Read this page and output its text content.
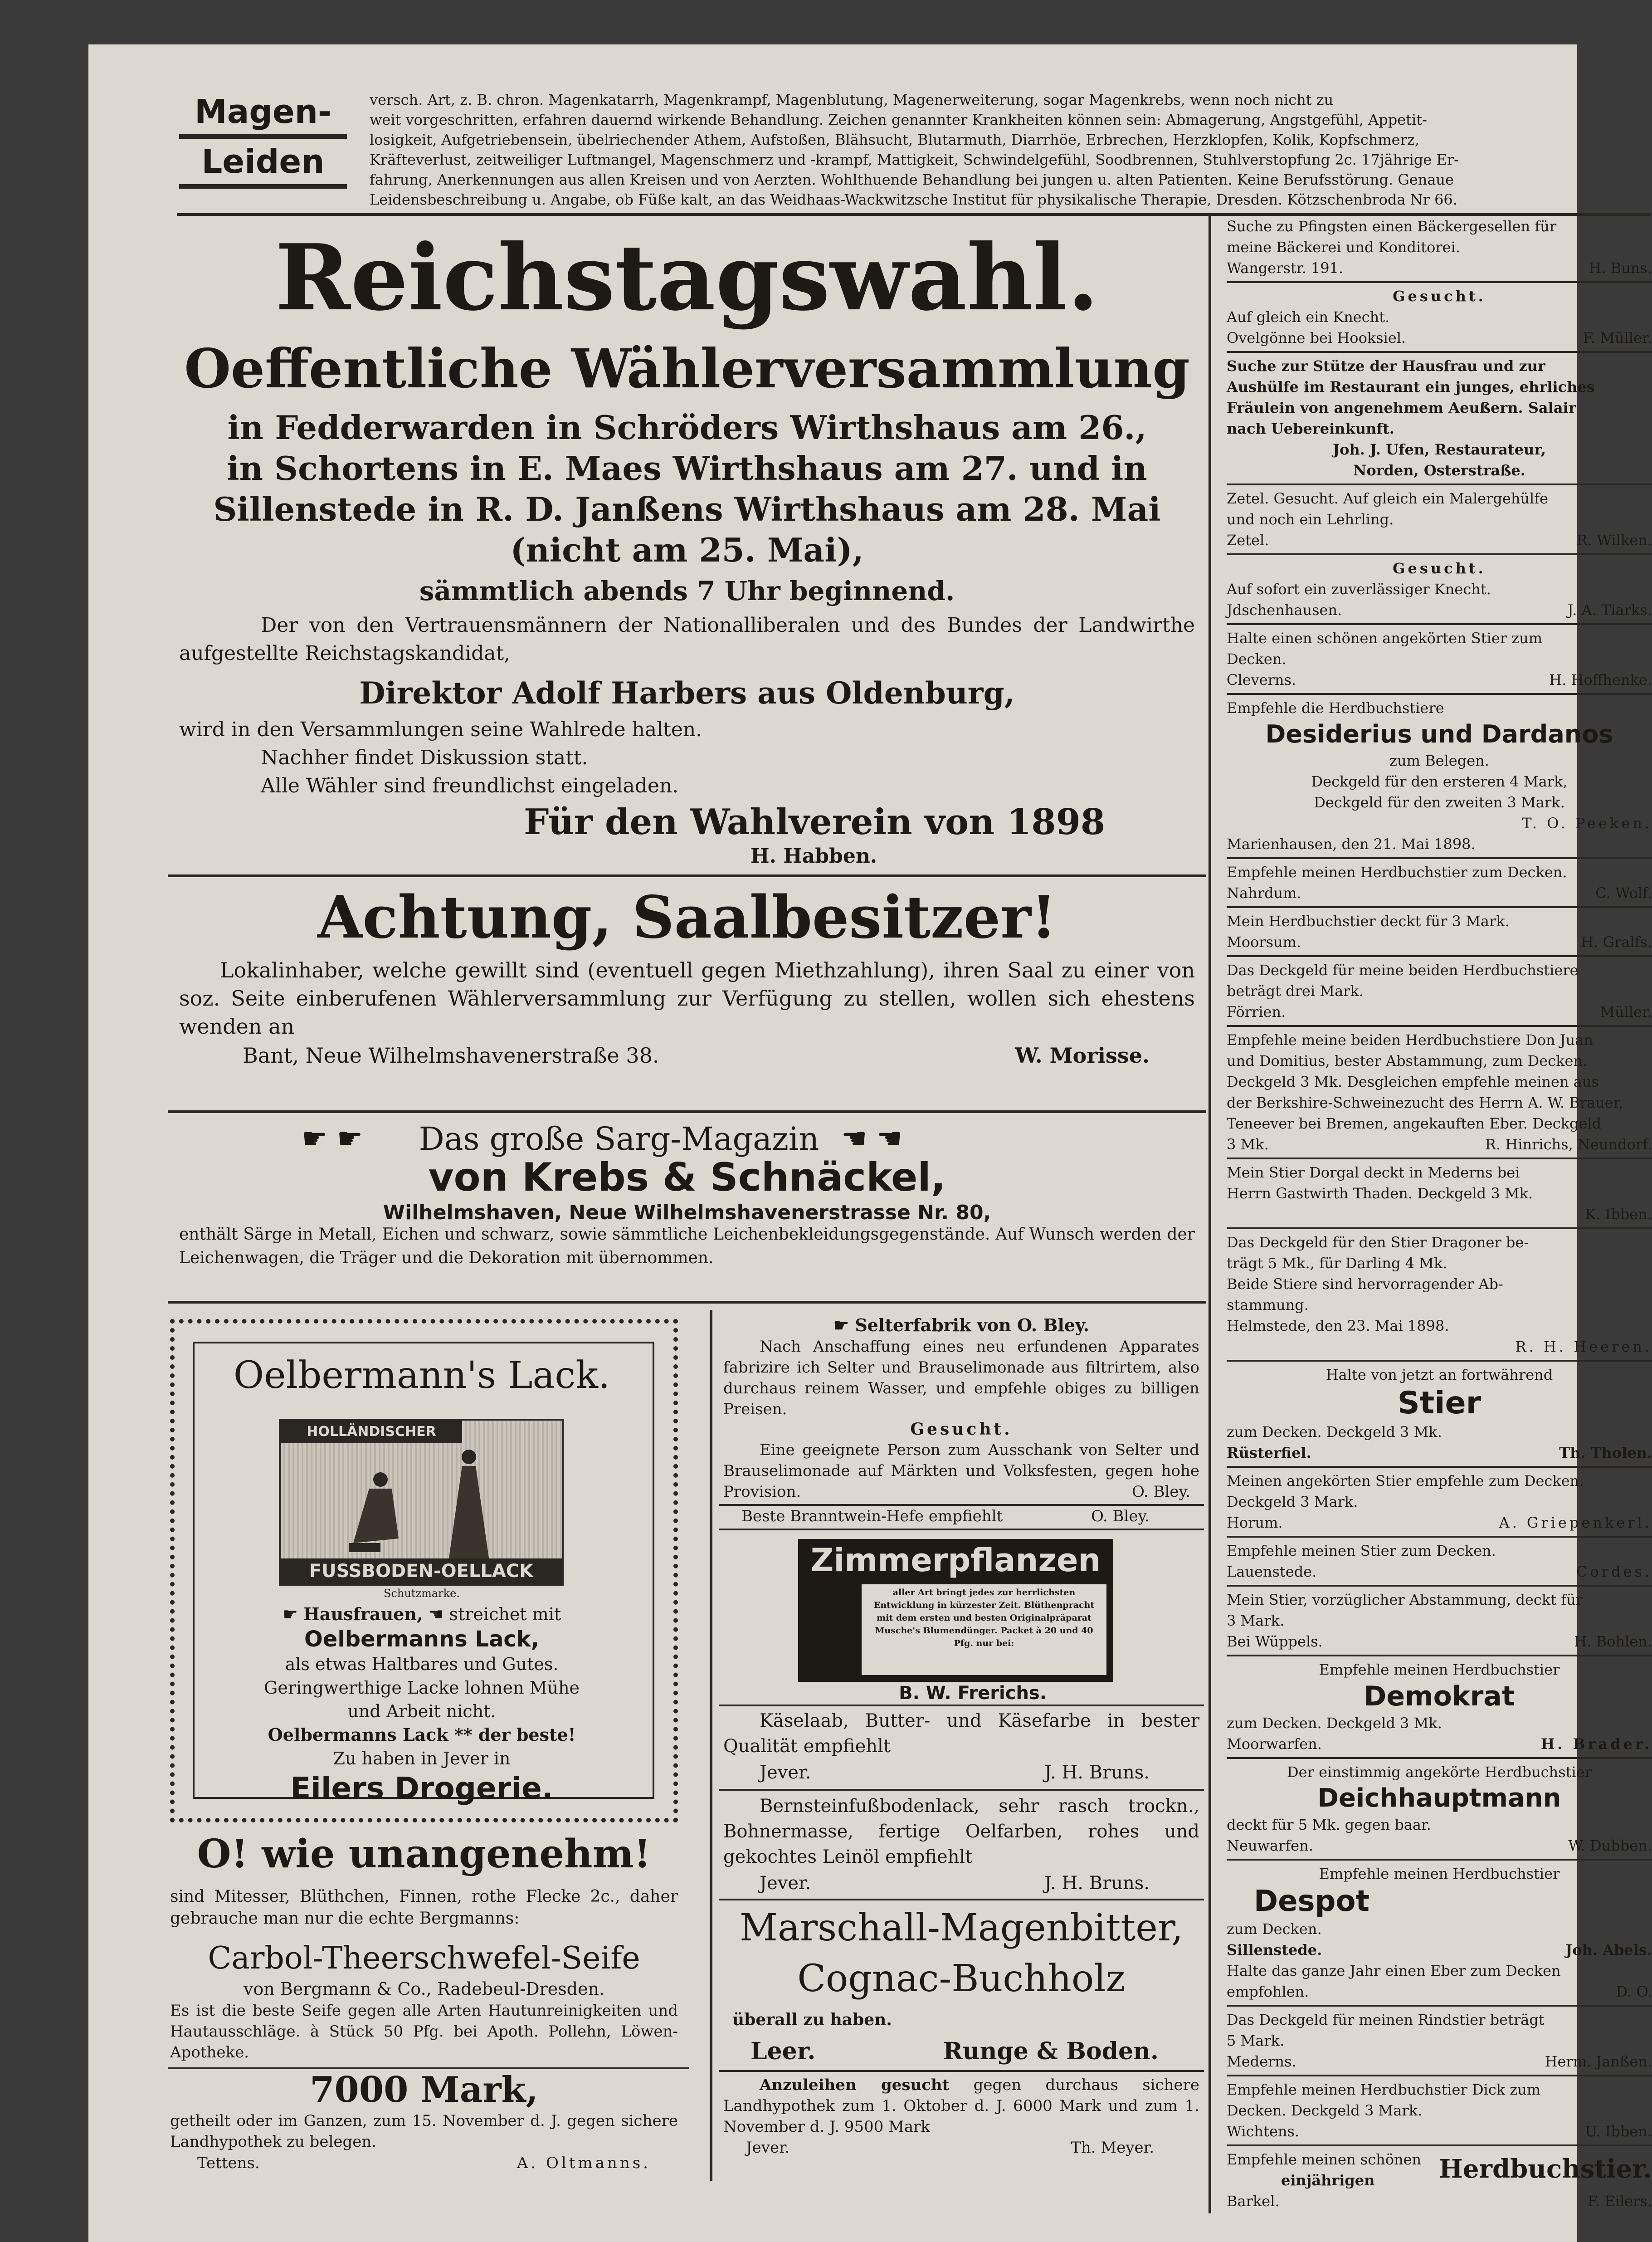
Magen-
Leiden
versch. Art, z. B. chron. Magenkatarrh, Magenkrampf, Magenblutung, Magenerweiterung, sogar Magenkrebs, wenn noch nicht zu
weit vorgeschritten, erfahren dauernd wirkende Behandlung. Zeichen genannter Krankheiten können sein: Abmagerung, Angstgefühl, Appetit-
losigkeit, Aufgetriebensein, übelriechender Athem, Aufstoßen, Blähsucht, Blutarmuth, Diarrhöe, Erbrechen, Herzklopfen, Kolik, Kopfschmerz,
Kräfteverlust, zeitweiliger Luftmangel, Magenschmerz und -krampf, Mattigkeit, Schwindelgefühl, Soodbrennen, Stuhlverstopfung 2c. 17jährige Er-
fahrung, Anerkennungen aus allen Kreisen und von Aerzten. Wohlthuende Behandlung bei jungen u. alten Patienten. Keine Berufsstörung. Genaue
Leidensbeschreibung u. Angabe, ob Füße kalt, an das Weidhaas-Wackwitzsche Institut für physikalische Therapie, Dresden. Kötzschenbroda Nr 66.
Reichstagswahl.
Oeffentliche Wählerversammlung
in Fedderwarden in Schröders Wirthshaus am 26.,
in Schortens in E. Maes Wirthshaus am 27. und in
Sillenstede in R. D. Janßens Wirthshaus am 28. Mai
(nicht am 25. Mai),
sämmtlich abends 7 Uhr beginnend.
Der von den Vertrauensmännern der Nationalliberalen und des Bundes der Landwirthe aufgestellte Reichstagskandidat,
Direktor Adolf Harbers aus Oldenburg,
wird in den Versammlungen seine Wahlrede halten.
Nachher findet Diskussion statt.
Alle Wähler sind freundlichst eingeladen.
Für den Wahlverein von 1898
H. Habben.
Achtung, Saalbesitzer!
Lokalinhaber, welche gewillt sind (eventuell gegen Miethzahlung), ihren Saal zu einer von soz. Seite einberufenen Wählerversammlung zur Verfügung zu stellen, wollen sich ehestens wenden an
Bant, Neue Wilhelmshavenerstraße 38.	W. Morisse.
☛ ☛	☚ ☚
Das große Sarg-Magazin
von Krebs & Schnäckel,
Wilhelmshaven, Neue Wilhelmshavenerstrasse Nr. 80,
enthält Särge in Metall, Eichen und schwarz, sowie sämmtliche Leichenbekleidungsgegenstände. Auf Wunsch werden der Leichenwagen, die Träger und die Dekoration mit übernommen.
Oelbermann's Lack.
HOLLÄNDISCHER
FUSSBODEN-OELLACK
Schutzmarke.
☛ Hausfrauen, ☚ streichet mit
Oelbermanns Lack,
als etwas Haltbares und Gutes.
Geringwerthige Lacke lohnen Mühe
und Arbeit nicht.
Oelbermanns Lack ** der beste!
Zu haben in Jever in
Eilers Drogerie.
O! wie unangenehm!
sind Mitesser, Blüthchen, Finnen, rothe Flecke 2c., daher gebrauche man nur die echte Bergmanns:
Carbol-Theerschwefel-Seife
von Bergmann & Co., Radebeul-Dresden.
Es ist die beste Seife gegen alle Arten Hautunreinigkeiten und Hautausschläge. à Stück 50 Pfg. bei Apoth. Pollehn, Löwen-Apotheke.
7000 Mark,
getheilt oder im Ganzen, zum 15. November d. J. gegen sichere Landhypothek zu belegen.
Tettens.	A. Oltmanns.
☛ Selterfabrik von O. Bley.
Nach Anschaffung eines neu erfundenen Apparates fabrizire ich Selter und Brauselimonade aus filtrirtem, also durchaus reinem Wasser, und empfehle obiges zu billigen Preisen.
Gesucht.
Eine geeignete Person zum Ausschank von Selter und Brauselimonade auf Märkten und Volksfesten, gegen hohe Provision.	O. Bley.
Beste Branntwein-Hefe empfiehlt	O. Bley.
Zimmerpflanzen
aller Art bringt jedes zur herrlichsten Entwicklung in kürzester Zeit. Blüthenpracht mit dem ersten und besten Originalpräparat Musche's Blumendünger. Packet à 20 und 40 Pfg. nur bei:
B. W. Frerichs.
Käselaab, Butter- und Käsefarbe in bester Qualität empfiehlt
Jever.	J. H. Bruns.
Bernsteinfußbodenlack, sehr rasch trockn., Bohnermasse, fertige Oelfarben, rohes und gekochtes Leinöl empfiehlt
Jever.	J. H. Bruns.
Marschall-Magenbitter,
Cognac-Buchholz
überall zu haben.
Leer.	Runge & Boden.
Anzuleihen gesucht gegen durchaus sichere Landhypothek zum 1. Oktober d. J. 6000 Mark und zum 1. November d. J. 9500 Mark
Jever.	Th. Meyer.
Suche zu Pfingsten einen Bäckergesellen für
meine Bäckerei und Konditorei.
Wangerstr. 191.	H. Buns.
Gesucht.
Auf gleich ein Knecht.
Ovelgönne bei Hooksiel.	F. Müller.
Suche zur Stütze der Hausfrau und zur
Aushülfe im Restaurant ein junges, ehrliches
Fräulein von angenehmem Aeußern. Salair
nach Uebereinkunft.
Joh. J. Ufen, Restaurateur,
Norden, Osterstraße.
Zetel. Gesucht. Auf gleich ein Malergehülfe
und noch ein Lehrling.
Zetel.	R. Wilken.
Gesucht.
Auf sofort ein zuverlässiger Knecht.
Jdschenhausen.	J. A. Tiarks.
Halte einen schönen angekörten Stier zum
Decken.
Cleverns.	H. Hoffhenke.
Empfehle die Herdbuchstiere
Desiderius und Dardanos
zum Belegen.
Deckgeld für den ersteren 4 Mark,
Deckgeld für den zweiten 3 Mark.
T. O. Peeken.
Marienhausen, den 21. Mai 1898.
Empfehle meinen Herdbuchstier zum Decken.
Nahrdum.	C. Wolf.
Mein Herdbuchstier deckt für 3 Mark.
Moorsum.	H. Gralfs.
Das Deckgeld für meine beiden Herdbuchstiere
beträgt drei Mark.
Förrien.	Müller.
Empfehle meine beiden Herdbuchstiere Don Juan
und Domitius, bester Abstammung, zum Decken.
Deckgeld 3 Mk. Desgleichen empfehle meinen aus
der Berkshire-Schweinezucht des Herrn A. W. Brauer,
Teneever bei Bremen, angekauften Eber. Deckgeld
3 Mk.	R. Hinrichs, Neundorf.
Mein Stier Dorgal deckt in Mederns bei
Herrn Gastwirth Thaden. Deckgeld 3 Mk.
K. Ibben.
Das Deckgeld für den Stier Dragoner be-
trägt 5 Mk., für Darling 4 Mk.
Beide Stiere sind hervorragender Ab-
stammung.
Helmstede, den 23. Mai 1898.
R. H. Heeren.
Halte von jetzt an fortwährend
Stier
zum Decken. Deckgeld 3 Mk.
Rüsterfiel.	Th. Tholen.
Meinen angekörten Stier empfehle zum Decken.
Deckgeld 3 Mark.
Horum.	A. Griepenkerl.
Empfehle meinen Stier zum Decken.
Lauenstede.	Cordes.
Mein Stier, vorzüglicher Abstammung, deckt für
3 Mark.
Bei Wüppels.	H. Bohlen.
Empfehle meinen Herdbuchstier
Demokrat
zum Decken. Deckgeld 3 Mk.
Moorwarfen.	H. Brader.
Der einstimmig angekörte Herdbuchstier
Deichhauptmann
deckt für 5 Mk. gegen baar.
Neuwarfen.	W. Dubben.
Empfehle meinen Herdbuchstier
Despot
zum Decken.
Sillenstede.	Joh. Abels.
Halte das ganze Jahr einen Eber zum Decken
empfohlen.	D. O.
Das Deckgeld für meinen Rindstier beträgt
5 Mark.
Mederns.	Herm. Janßen.
Empfehle meinen Herdbuchstier Dick zum
Decken. Deckgeld 3 Mark.
Wichtens.	U. Ibben.
Empfehle meinen schönen
einjährigen	Herdbuchstier.
Barkel.	F. Eilers.
